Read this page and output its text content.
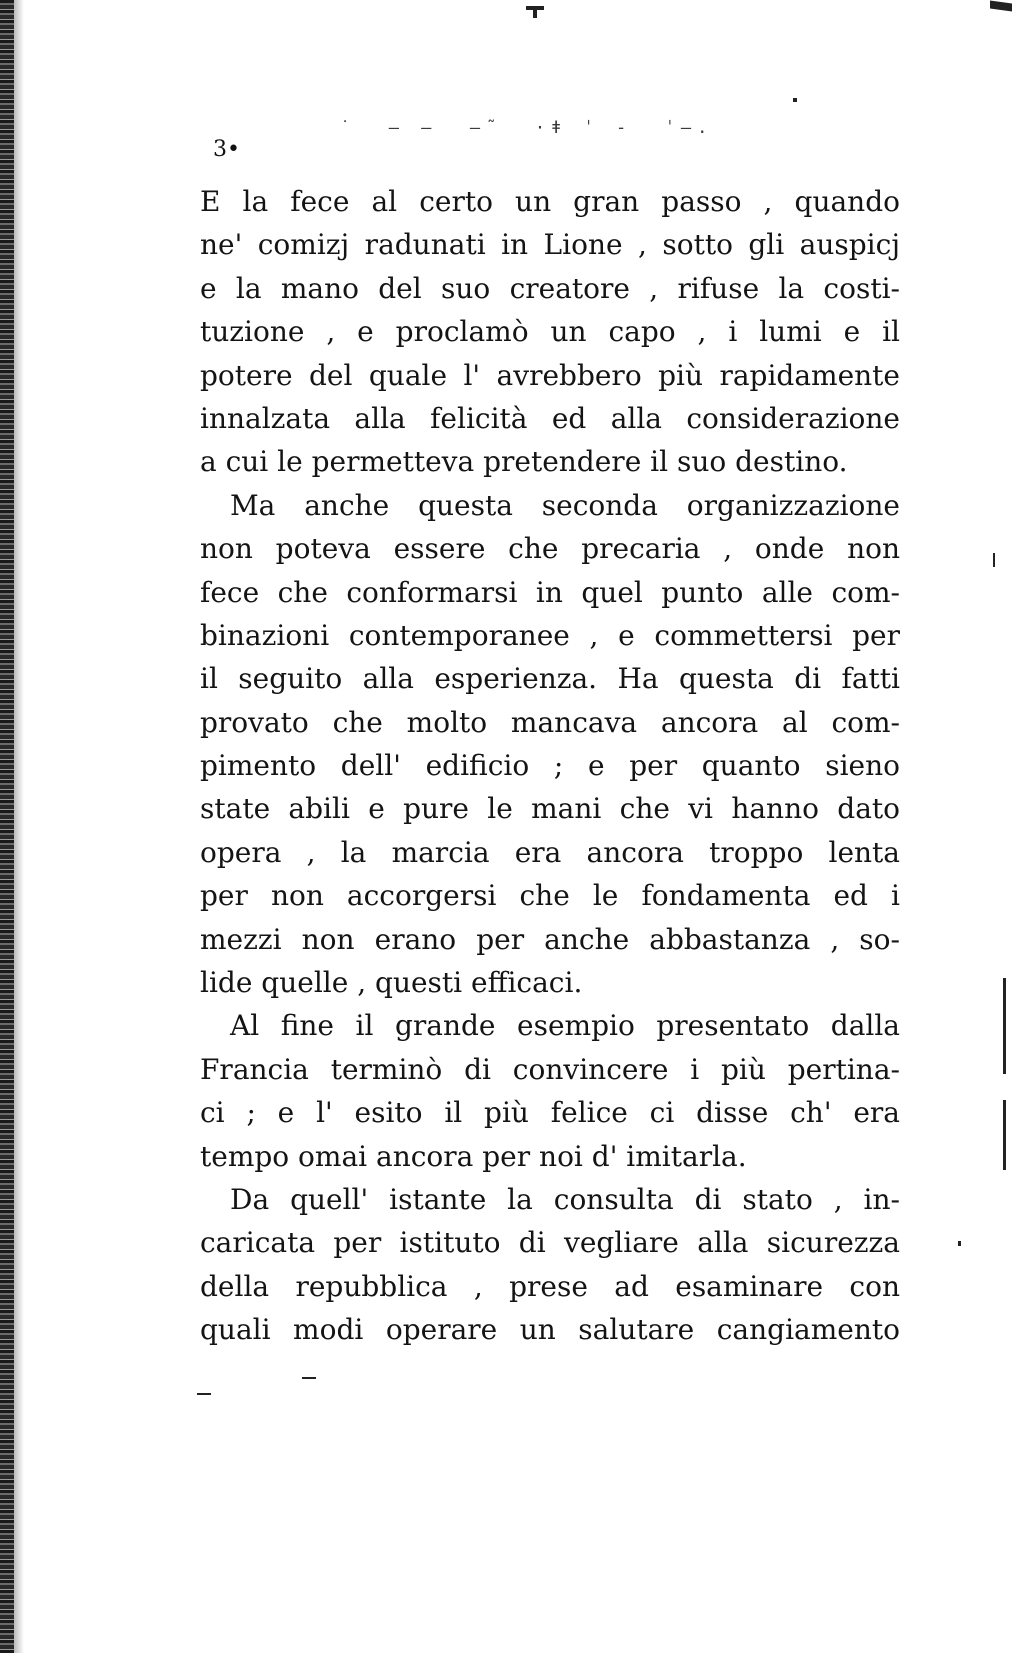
˙  – –  —˜  ·ǂ ˈ ‐  ˈ–.
3•
E la fece al certo un gran passo , quando
ne' comizj radunati in Lione , sotto gli auspicj
e la mano del suo creatore , rifuse la costi-
tuzione , e proclamò un capo , i lumi e il
potere del quale l' avrebbero più rapidamente
innalzata alla felicità ed alla considerazione
a cui le permetteva pretendere il suo destino.
Ma anche questa seconda organizzazione
non poteva essere che precaria , onde non
fece che conformarsi in quel punto alle com-
binazioni contemporanee , e commettersi per
il seguito alla esperienza. Ha questa di fatti
provato che molto mancava ancora al com-
pimento dell' edificio ; e per quanto sieno
state abili e pure le mani che vi hanno dato
opera , la marcia era ancora troppo lenta
per non accorgersi che le fondamenta ed i
mezzi non erano per anche abbastanza , so-
lide quelle , questi efficaci.
Al fine il grande esempio presentato dalla
Francia terminò di convincere i più pertina-
ci ; e l' esito il più felice ci disse ch' era
tempo omai ancora per noi d' imitarla.
Da quell' istante la consulta di stato , in-
caricata per istituto di vegliare alla sicurezza
della repubblica , prese ad esaminare con
quali modi operare un salutare cangiamento
